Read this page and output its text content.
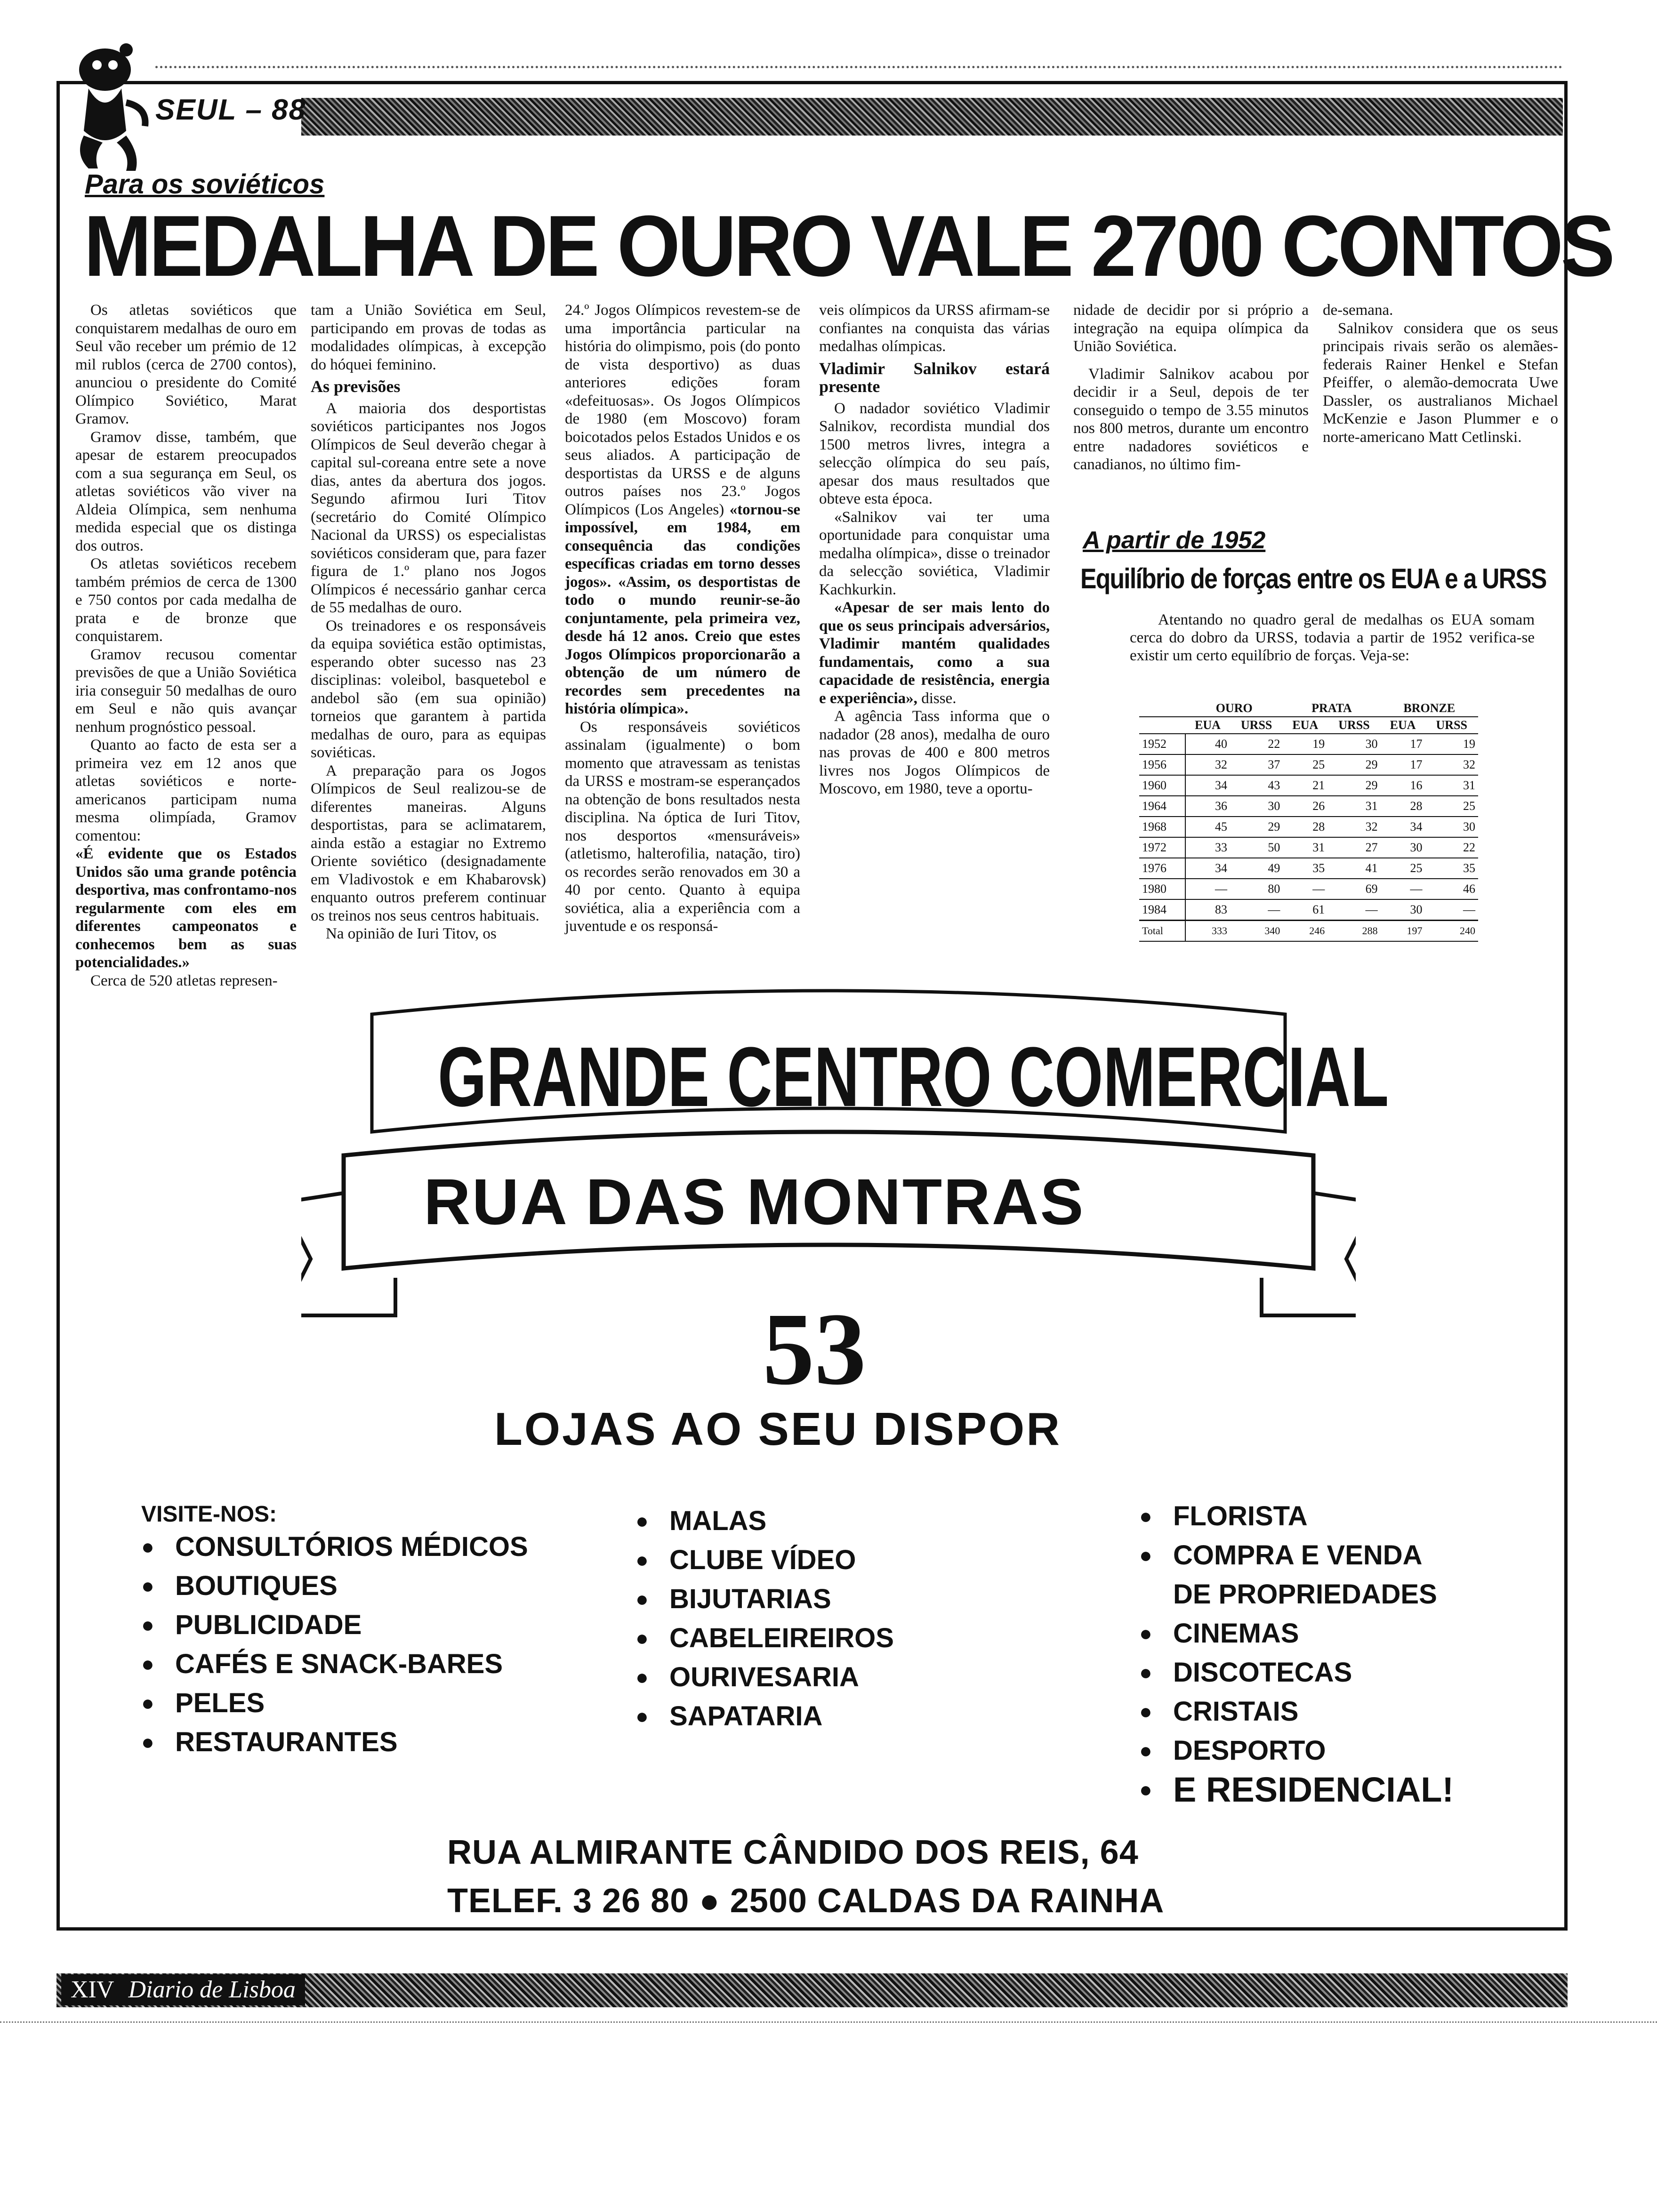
SEUL – 88
Para os soviéticos
MEDALHA DE OURO VALE 2700 CONTOS

Os atletas soviéticos que conquistarem medalhas de ouro em Seul vão receber um prémio de 12 mil rublos (cerca de 2700 contos), anunciou o presidente do Comité Olímpico Soviético, Marat Gramov.

Gramov disse, também, que apesar de estarem preocupados com a sua segurança em Seul, os atletas soviéticos vão viver na Aldeia Olímpica, sem nenhuma medida especial que os distinga dos outros.

Os atletas soviéticos recebem também prémios de cerca de 1300 e 750 contos por cada medalha de prata e de bronze que conquistarem.

Gramov recusou comentar previsões de que a União Soviética iria conseguir 50 medalhas de ouro em Seul e não quis avançar nenhum prognóstico pessoal.

Quanto ao facto de esta ser a primeira vez em 12 anos que atletas soviéticos e norte-americanos participam numa mesma olimpíada, Gramov comentou:

«É evidente que os Estados Unidos são uma grande potência desportiva, mas confrontamo-nos regularmente com eles em diferentes campeonatos e conhecemos bem as suas potencialidades.»

Cerca de 520 atletas represen-

tam a União Soviética em Seul, participando em provas de todas as modalidades olímpicas, à excepção do hóquei feminino.

As previsões

A maioria dos desportistas soviéticos participantes nos Jogos Olímpicos de Seul deverão chegar à capital sul-coreana entre sete a nove dias, antes da abertura dos jogos. Segundo afirmou Iuri Titov (secretário do Comité Olímpico Nacional da URSS) os especialistas soviéticos consideram que, para fazer figura de 1.º plano nos Jogos Olímpicos é necessário ganhar cerca de 55 medalhas de ouro.

Os treinadores e os responsáveis da equipa soviética estão optimistas, esperando obter sucesso nas 23 disciplinas: voleibol, basquetebol e andebol são (em sua opinião) torneios que garantem à partida medalhas de ouro, para as equipas soviéticas.

A preparação para os Jogos Olímpicos de Seul realizou-se de diferentes maneiras. Alguns desportistas, para se aclimatarem, ainda estão a estagiar no Extremo Oriente soviético (designadamente em Vladivostok e em Khabarovsk) enquanto outros preferem continuar os treinos nos seus centros habituais.

Na opinião de Iuri Titov, os

24.º Jogos Olímpicos revestem-se de uma importância particular na história do olimpismo, pois (do ponto de vista desportivo) as duas anteriores edições foram «defeituosas». Os Jogos Olímpicos de 1980 (em Moscovo) foram boicotados pelos Estados Unidos e os seus aliados. A participação de desportistas da URSS e de alguns outros países nos 23.º Jogos Olímpicos (Los Angeles) «tornou-se impossível, em 1984, em consequência das condições específicas criadas em torno desses jogos». «Assim, os desportistas de todo o mundo reunir-se-ão conjuntamente, pela primeira vez, desde há 12 anos. Creio que estes Jogos Olímpicos proporcionarão a obtenção de um número de recordes sem precedentes na história olímpica».

Os responsáveis soviéticos assinalam (igualmente) o bom momento que atravessam as tenistas da URSS e mostram-se esperançados na obtenção de bons resultados nesta disciplina. Na óptica de Iuri Titov, nos desportos «mensuráveis» (atletismo, halterofilia, natação, tiro) os recordes serão renovados em 30 a 40 por cento. Quanto à equipa soviética, alia a experiência com a juventude e os responsá-

veis olímpicos da URSS afirmam-se confiantes na conquista das várias medalhas olímpicas.

Vladimir Salnikov estará presente

O nadador soviético Vladimir Salnikov, recordista mundial dos 1500 metros livres, integra a selecção olímpica do seu país, apesar dos maus resultados que obteve esta época.

«Salnikov vai ter uma oportunidade para conquistar uma medalha olímpica», disse o treinador da selecção soviética, Vladimir Kachkurkin.

«Apesar de ser mais lento do que os seus principais adversários, Vladimir mantém qualidades fundamentais, como a sua capacidade de resistência, energia e experiência», disse.

A agência Tass informa que o nadador (28 anos), medalha de ouro nas provas de 400 e 800 metros livres nos Jogos Olímpicos de Moscovo, em 1980, teve a oportu-

nidade de decidir por si próprio a integração na equipa olímpica da União Soviética.

Vladimir Salnikov acabou por decidir ir a Seul, depois de ter conseguido o tempo de 3.55 minutos nos 800 metros, durante um encontro entre nadadores soviéticos e canadianos, no último fim-

de-semana.

Salnikov considera que os seus principais rivais serão os alemães-federais Rainer Henkel e Stefan Pfeiffer, o alemão-democrata Uwe Dassler, os australianos Michael McKenzie e Jason Plummer e o norte-americano Matt Cetlinski.

A partir de 1952
Equilíbrio de forças entre os EUA e a URSS

Atentando no quadro geral de medalhas os EUA somam cerca do dobro da URSS, todavia a partir de 1952 verifica-se existir um certo equilíbrio de forças. Veja-se:

	OURO		PRATA		BRONZE	
	EUA	URSS	EUA	URSS	EUA	URSS
1952	40	22	19	30	17	19
1956	32	37	25	29	17	32
1960	34	43	21	29	16	31
1964	36	30	26	31	28	25
1968	45	29	28	32	34	30
1972	33	50	31	27	30	22
1976	34	49	35	41	25	35
1980	—	80	—	69	—	46
1984	83	—	61	—	30	—
Total	333	340	246	288	197	240
GRANDE CENTRO COMERCIAL
RUA DAS MONTRAS
53
LOJAS AO SEU DISPOR
VISITE-NOS:
● CONSULTÓRIOS MÉDICOS
● BOUTIQUES
● PUBLICIDADE
● CAFÉS E SNACK-BARES
● PELES
● RESTAURANTES
● MALAS
● CLUBE VÍDEO
● BIJUTARIAS
● CABELEIREIROS
● OURIVESARIA
● SAPATARIA
● FLORISTA
● COMPRA E VENDA
DE PROPRIEDADES
● CINEMAS
● DISCOTECAS
● CRISTAIS
● DESPORTO
● E RESIDENCIAL!
RUA ALMIRANTE CÂNDIDO DOS REIS, 64
TELEF. 3 26 80 ● 2500 CALDAS DA RAINHA
XIV Diario de Lisboa
